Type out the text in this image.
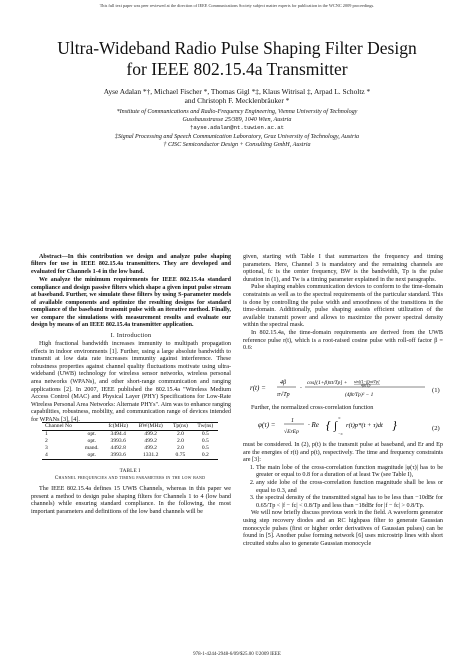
This full text paper was peer reviewed at the direction of IEEE Communications Society subject matter experts for publication in the WCNC 2009 proceedings.
Ultra-Wideband Radio Pulse Shaping Filter Design
for IEEE 802.15.4a Transmitter
Ayse Adalan *†, Michael Fischer *, Thomas Gigl *‡, Klaus Witrisal ‡, Arpad L. Scholtz *
and Christoph F. Mecklenbräuker *
*Institute of Communications and Radio-Frequency Engineering, Vienna University of Technology
Gusshausstrasse 25/389, 1040 Wien, Austria
†ayse.adalan@nt.tuwien.ac.at
‡Signal Processing and Speech Communication Laboratory, Graz University of Technology, Austria
† CISC Semiconductor Design + Consulting GmbH, Austria

Abstract—In this contribution we design and analyze pulse shaping filters for use in IEEE 802.15.4a transmitters. They are developed and evaluated for Channels 1-4 in the low band.

We analyze the minimum requirements for IEEE 802.15.4a standard compliance and design passive filters which shape a given input pulse stream at baseband. Further, we simulate these filters by using S-parameter models of available components and optimize the resulting designs for standard compliance of the baseband transmit pulse with an iterative method. Finally, we compare the simulations with measurement results and evaluate our design by means of an IEEE 802.15.4a transmitter application.

I. Introduction

High fractional bandwidth increases immunity to multipath propagation effects in indoor environments [1]. Further, using a large absolute bandwidth to transmit at low data rate increases immunity against interference. These robustness properties against channel quality fluctuations motivate using ultra-wideband (UWB) technology for wireless sensor networks, wireless personal area networks (WPANs), and other short-range communication and ranging applications [2]. In 2007, IEEE published the 802.15.4a "Wireless Medium Access Control (MAC) and Physical Layer (PHY) Specifications for Low-Rate Wireless Personal Area Networks: Alternate PHYs". Aim was to enhance ranging capabilities, robustness, mobility, and communication range of devices intended for WPANs [3], [4].

Channel No		fc(MHz)	BW(MHz)	Tp(ns)	Tw(ns)
1	opt.	3494.4	499.2	2.0	0.5
2	opt.	3993.6	499.2	2.0	0.5
3	mand.	4492.8	499.2	2.0	0.5
4	opt.	3993.6	1331.2	0.75	0.2
TABLE I
Channel frequencies and timing parameters in the low band

The IEEE 802.15.4a defines 15 UWB Channels, whereas in this paper we present a method to design pulse shaping filters for Channels 1 to 4 (low band channels) while ensuring standard compliance. In the following, the most important parameters and definitions of the low band channels will be

given, starting with Table I that summarizes the frequency and timing parameters. Here, Channel 3 is mandatory and the remaining channels are optional, fc is the center frequency, BW is the bandwidth, Tp is the pulse duration in (1), and Tw is a timing parameter explained in the next paragraphs.

Pulse shaping enables communication devices to conform to the time-domain constraints as well as to the spectral requirements of the particular standard. This is done by controlling the pulse width and smoothness of the transitions in the time-domain. Additionally, pulse shaping assists efficient utilization of the available transmit power and allows to maximize the power spectral density within the spectral mask.

In 802.15.4a, the time-domain requirements are derived from the UWB reference pulse r(t), which is a root-raised cosine pulse with roll-off factor β = 0.6:

r(t) =
4β
π√Tp
·
cos[(1+β)πt/Tp] + sin[(1−β)πt/Tp]
4βt/Tp
(4βt/Tp)² − 1
(1)

Further, the normalized cross-correlation function

φ(τ) =	1
√ErEp
· Re { ∫
∞
−∞
r(t)p*(t + τ)dt }	(2)

must be considered. In (2), p(t) is the transmit pulse at baseband, and Er and Ep are the energies of r(t) and p(t), respectively. The time and frequency constraints are [3]:

1. The main lobe of the cross-correlation function magnitude |φ(τ)| has to be greater or equal to 0.8 for a duration of at least Tw (see Table I),
2. any side lobe of the cross-correlation function magnitude shall be less or equal to 0.3, and
3. the spectral density of the transmitted signal has to be less than −10dBr for 0.65/Tp < |f − fc| < 0.8/Tp and less than −18dBr for |f − fc| > 0.8/Tp.

We will now briefly discuss previous work in the field. A waveform generator using step recovery diodes and an RC highpass filter to generate Gaussian monocycle pulses (first or higher order derivatives of Gaussian pulses) can be found in [5]. Another pulse forming network [6] uses microstrip lines with short circuited stubs also to generate Gaussian monocycle

978-1-4244-2948-6/09/$25.00 ©2009 IEEE
